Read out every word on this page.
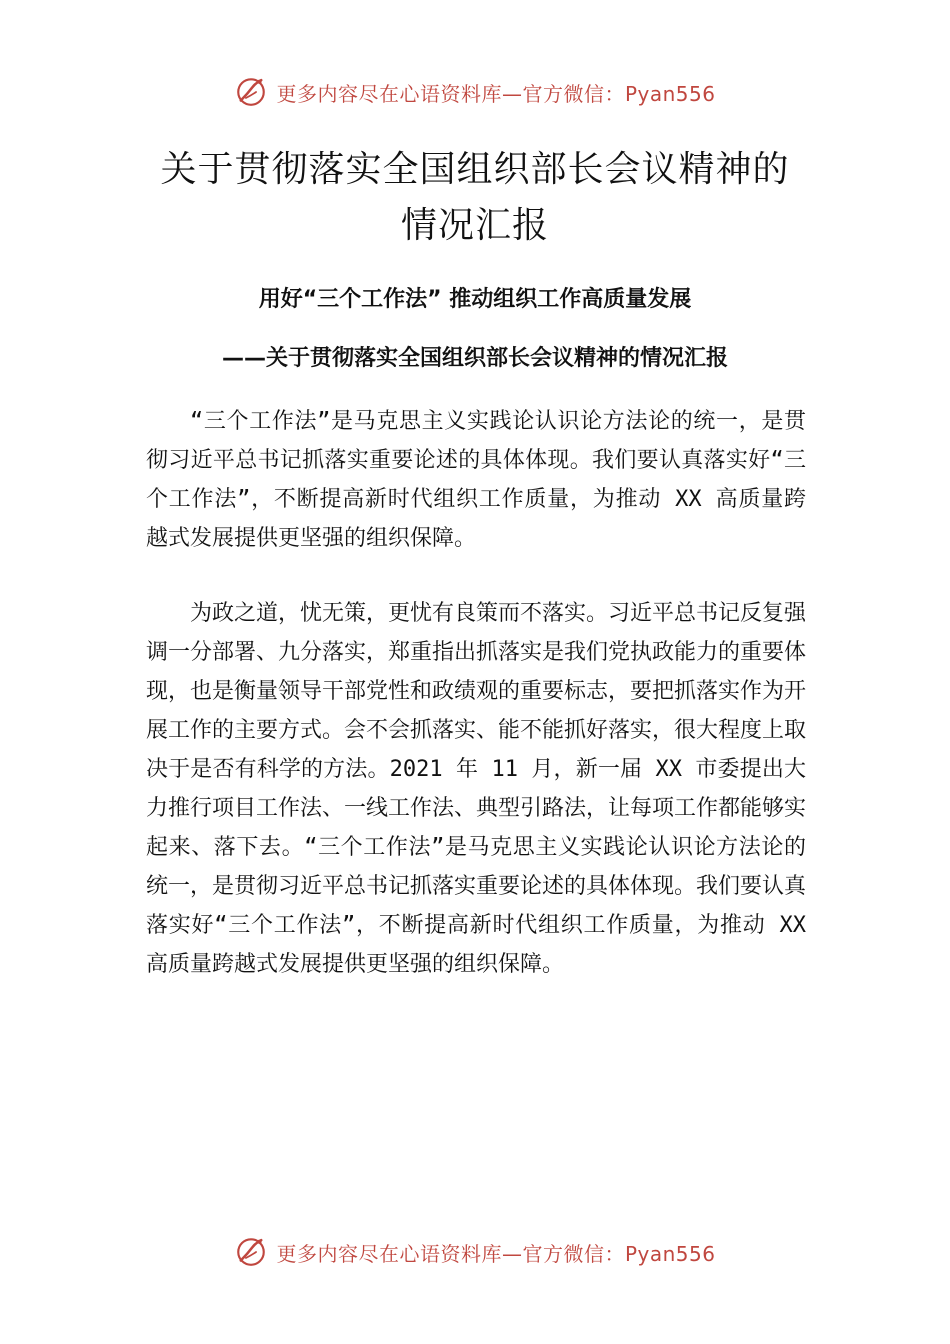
更多内容尽在心语资料库—官方微信：Pyan556
关于贯彻落实全国组织部长会议精神的情况汇报
用好“三个工作法” 推动组织工作高质量发展
——关于贯彻落实全国组织部长会议精神的情况汇报

“三个工作法”是马克思主义实践论认识论方法论的统一，是贯彻习近平总书记抓落实重要论述的具体体现。我们要认真落实好“三个工作法”，不断提高新时代组织工作质量，为推动 XX 高质量跨越式发展提供更坚强的组织保障。

为政之道，忧无策，更忧有良策而不落实。习近平总书记反复强调一分部署、九分落实，郑重指出抓落实是我们党执政能力的重要体现，也是衡量领导干部党性和政绩观的重要标志，要把抓落实作为开展工作的主要方式。会不会抓落实、能不能抓好落实，很大程度上取决于是否有科学的方法。2021 年 11 月，新一届 XX 市委提出大力推行项目工作法、一线工作法、典型引路法，让每项工作都能够实起来、落下去。“三个工作法”是马克思主义实践论认识论方法论的统一，是贯彻习近平总书记抓落实重要论述的具体体现。我们要认真落实好“三个工作法”，不断提高新时代组织工作质量，为推动 XX 高质量跨越式发展提供更坚强的组织保障。

更多内容尽在心语资料库—官方微信：Pyan556
